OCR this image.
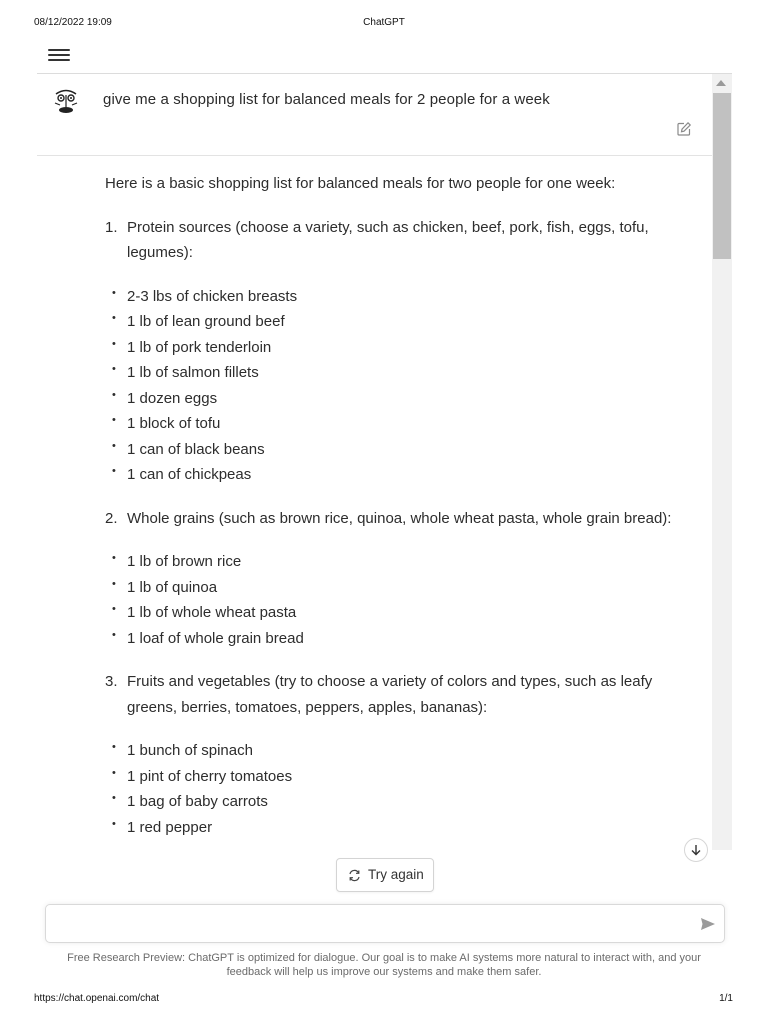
08/12/2022 19:09	ChatGPT
give me a shopping list for balanced meals for 2 people for a week

Here is a basic shopping list for balanced meals for two people for one week:

1. Protein sources (choose a variety, such as chicken, beef, pork, fish, eggs, tofu, legumes):
• 2-3 lbs of chicken breasts
• 1 lb of lean ground beef
• 1 lb of pork tenderloin
• 1 lb of salmon fillets
• 1 dozen eggs
• 1 block of tofu
• 1 can of black beans
• 1 can of chickpeas
2. Whole grains (such as brown rice, quinoa, whole wheat pasta, whole grain bread):
• 1 lb of brown rice
• 1 lb of quinoa
• 1 lb of whole wheat pasta
• 1 loaf of whole grain bread
3. Fruits and vegetables (try to choose a variety of colors and types, such as leafy greens, berries, tomatoes, peppers, apples, bananas):
• 1 bunch of spinach
• 1 pint of cherry tomatoes
• 1 bag of baby carrots
• 1 red pepper
Try again
Free Research Preview: ChatGPT is optimized for dialogue. Our goal is to make AI systems more natural to interact with, and your feedback will help us improve our systems and make them safer.
https://chat.openai.com/chat	1/1
